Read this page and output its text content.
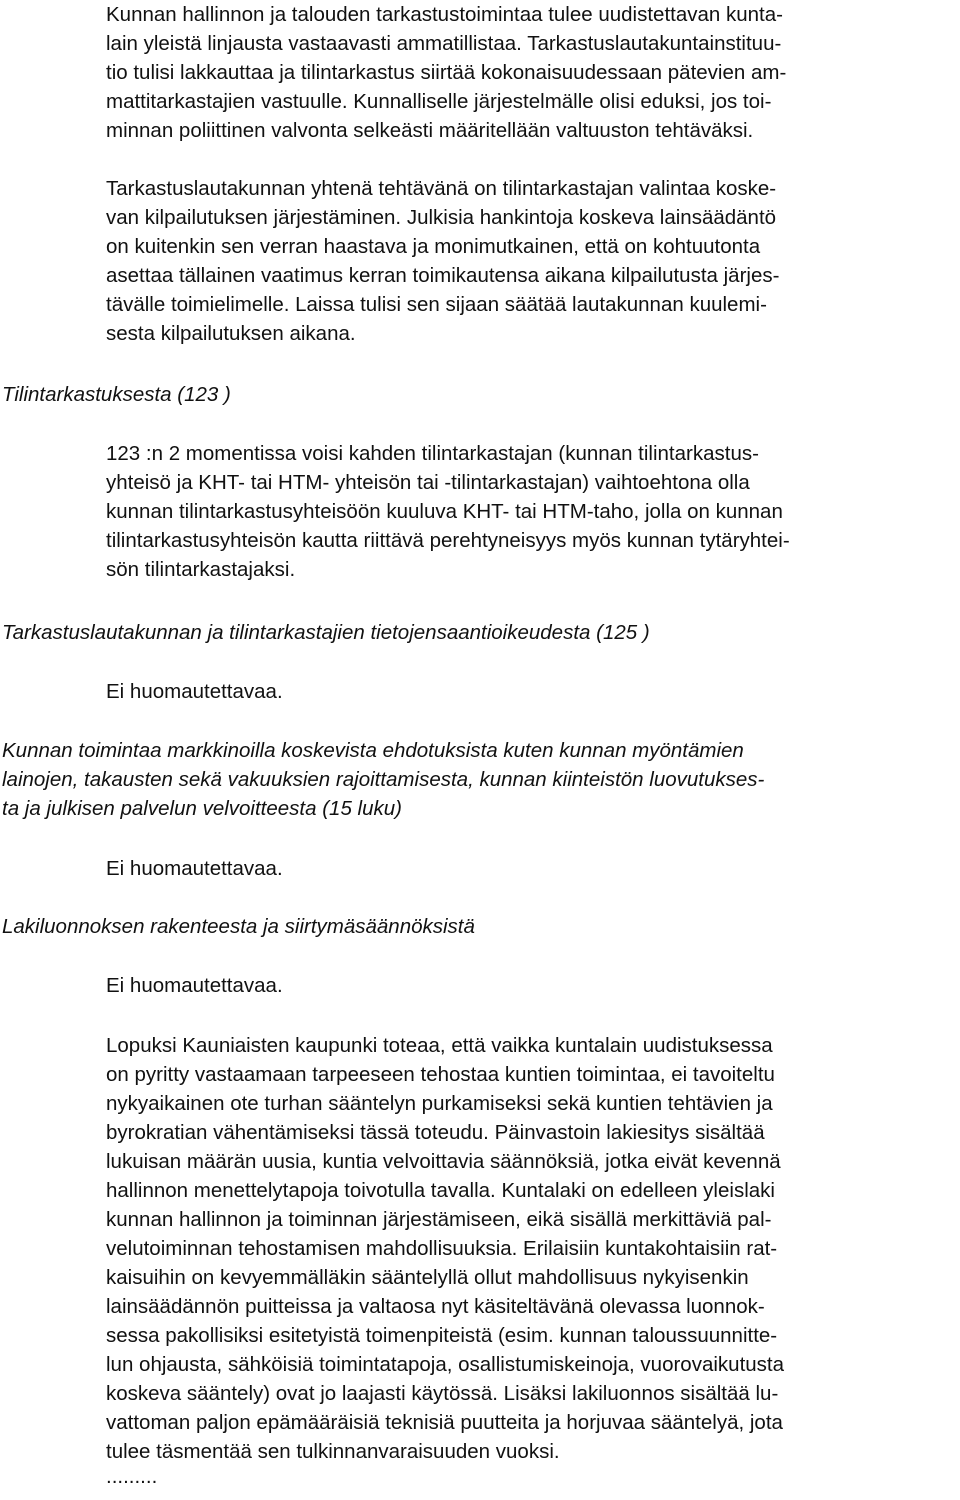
Kunnan hallinnon ja talouden tarkastustoimintaa tulee uudistettavan kunta-
lain yleistä linjausta vastaavasti ammatillistaa. Tarkastuslautakuntainstituu-
tio tulisi lakkauttaa ja tilintarkastus siirtää kokonaisuudessaan pätevien am-
mattitarkastajien vastuulle. Kunnalliselle järjestelmälle olisi eduksi, jos toi-
minnan poliittinen valvonta selkeästi määritellään valtuuston tehtäväksi.
Tarkastuslautakunnan yhtenä tehtävänä on tilintarkastajan valintaa koske-
van kilpailutuksen järjestäminen. Julkisia hankintoja koskeva lainsäädäntö
on kuitenkin sen verran haastava ja monimutkainen, että on kohtuutonta
asettaa tällainen vaatimus kerran toimikautensa aikana kilpailutusta järjes-
tävälle toimielimelle. Laissa tulisi sen sijaan säätää lautakunnan kuulemi-
sesta kilpailutuksen aikana.
Tilintarkastuksesta (123 )
123 :n 2 momentissa voisi kahden tilintarkastajan (kunnan tilintarkastus-
yhteisö ja KHT- tai HTM- yhteisön tai -tilintarkastajan) vaihtoehtona olla
kunnan tilintarkastusyhteisöön kuuluva KHT- tai HTM-taho, jolla on kunnan
tilintarkastusyhteisön kautta riittävä perehtyneisyys myös kunnan tytäryhtei-
sön tilintarkastajaksi.
Tarkastuslautakunnan ja tilintarkastajien tietojensaantioikeudesta (125 )
Ei huomautettavaa.
Kunnan toimintaa markkinoilla koskevista ehdotuksista kuten kunnan myöntämien
lainojen, takausten sekä vakuuksien rajoittamisesta, kunnan kiinteistön luovutukses-
ta ja julkisen palvelun velvoitteesta (15 luku)
Ei huomautettavaa.
Lakiluonnoksen rakenteesta ja siirtymäsäännöksistä
Ei huomautettavaa.
Lopuksi Kauniaisten kaupunki toteaa, että vaikka kuntalain uudistuksessa
on pyritty vastaamaan tarpeeseen tehostaa kuntien toimintaa, ei tavoiteltu
nykyaikainen ote turhan sääntelyn purkamiseksi sekä kuntien tehtävien ja
byrokratian vähentämiseksi tässä toteudu. Päinvastoin lakiesitys sisältää
lukuisan määrän uusia, kuntia velvoittavia säännöksiä, jotka eivät kevennä
hallinnon menettelytapoja toivotulla tavalla. Kuntalaki on edelleen yleislaki
kunnan hallinnon ja toiminnan järjestämiseen, eikä sisällä merkittäviä pal-
velutoiminnan tehostamisen mahdollisuuksia. Erilaisiin kuntakohtaisiin rat-
kaisuihin on kevyemmälläkin sääntelyllä ollut mahdollisuus nykyisenkin
lainsäädännön puitteissa ja valtaosa nyt käsiteltävänä olevassa luonnok-
sessa pakollisiksi esitetyistä toimenpiteistä (esim. kunnan taloussuunnitte-
lun ohjausta, sähköisiä toimintatapoja, osallistumiskeinoja, vuorovaikutusta
koskeva sääntely) ovat jo laajasti käytössä. Lisäksi lakiluonnos sisältää lu-
vattoman paljon epämääräisiä teknisiä puutteita ja horjuvaa sääntelyä, jota
tulee täsmentää sen tulkinnanvaraisuuden vuoksi.
.........
